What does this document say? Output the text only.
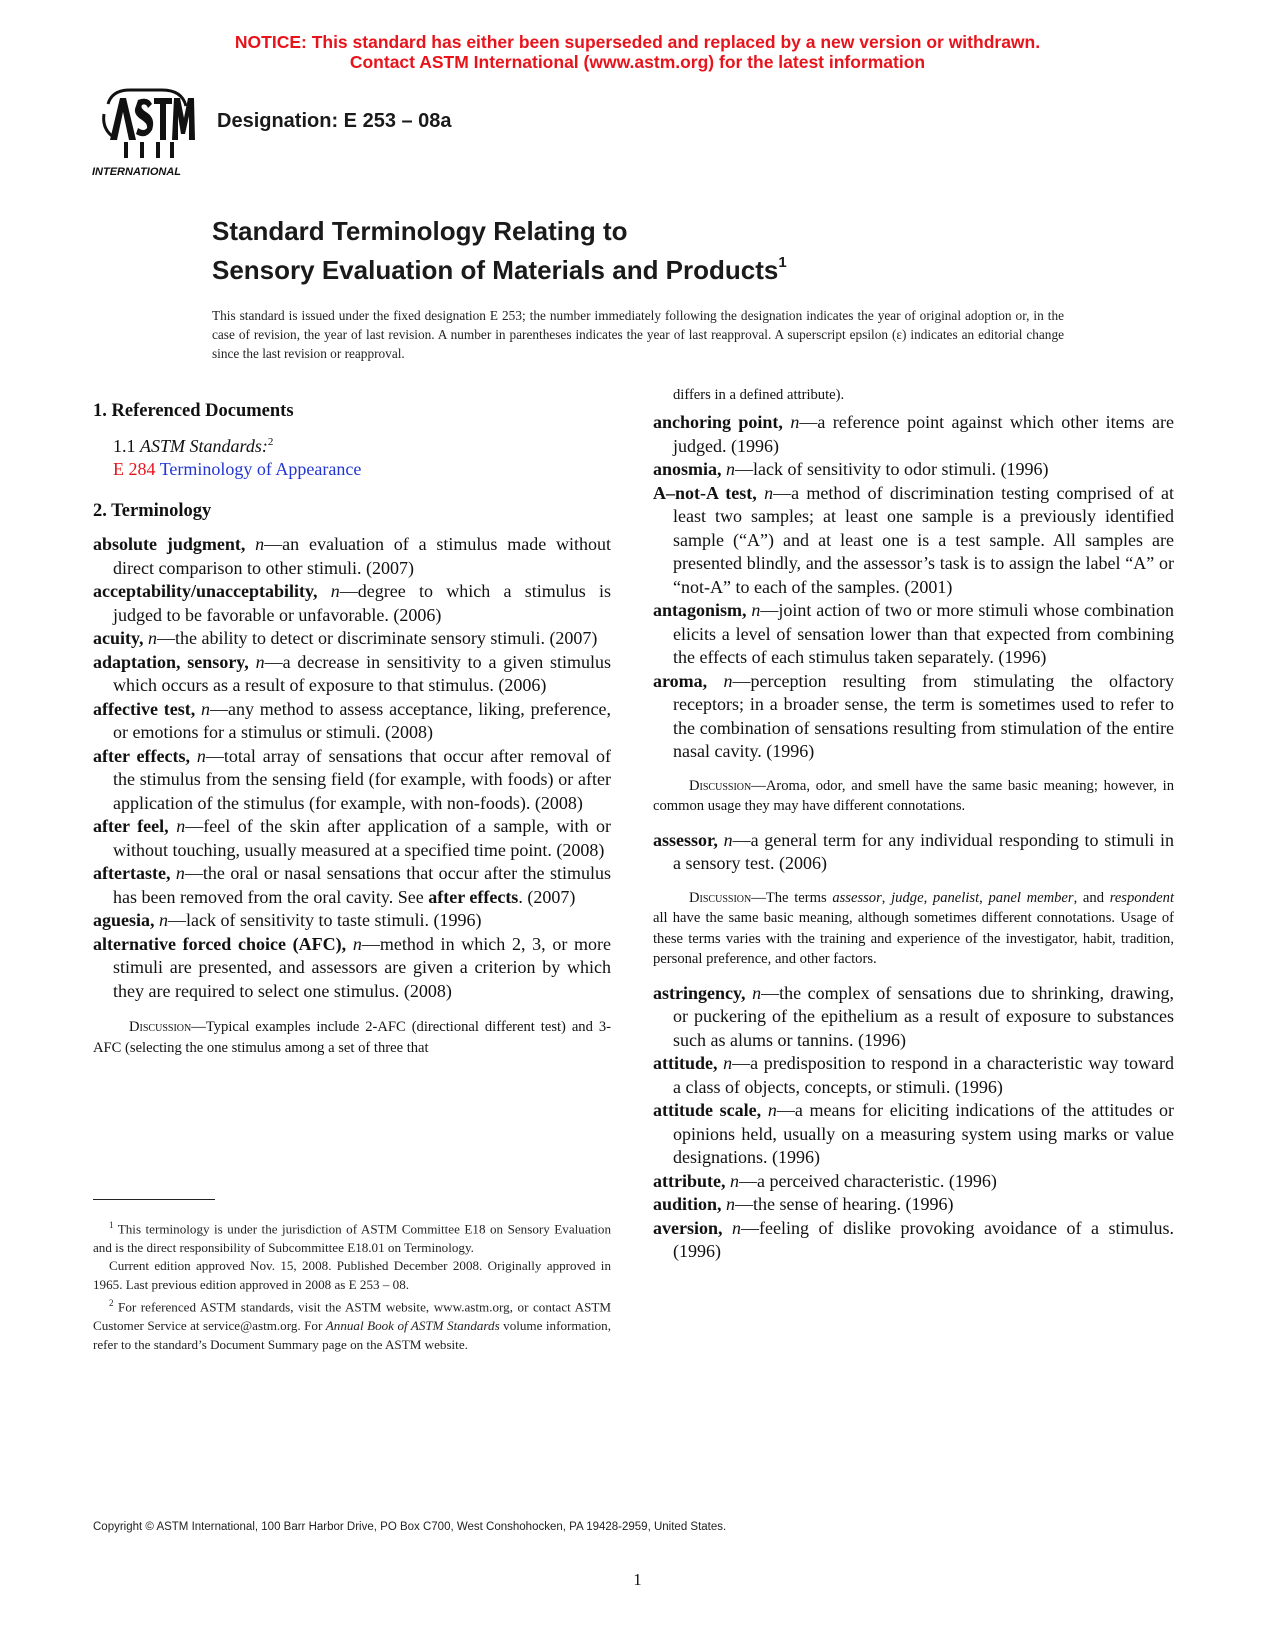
NOTICE: This standard has either been superseded and replaced by a new version or withdrawn.
Contact ASTM International (www.astm.org) for the latest information
INTERNATIONAL
Designation: E 253 – 08a
Standard Terminology Relating to
Sensory Evaluation of Materials and Products$^1$
This standard is issued under the fixed designation E 253; the number immediately following the designation indicates the year of original adoption or, in the case of revision, the year of last revision. A number in parentheses indicates the year of last reapproval. A superscript epsilon (ε) indicates an editorial change since the last revision or reapproval.
1. Referenced Documents

1.1 ASTM Standards:$^2$

E 284 Terminology of Appearance

2. Terminology

absolute judgment, n—an evaluation of a stimulus made without direct comparison to other stimuli. (2007)

acceptability/unacceptability, n—degree to which a stimulus is judged to be favorable or unfavorable. (2006)

acuity, n—the ability to detect or discriminate sensory stimuli. (2007)

adaptation, sensory, n—a decrease in sensitivity to a given stimulus which occurs as a result of exposure to that stimulus. (2006)

affective test, n—any method to assess acceptance, liking, preference, or emotions for a stimulus or stimuli. (2008)

after effects, n—total array of sensations that occur after removal of the stimulus from the sensing field (for example, with foods) or after application of the stimulus (for example, with non-foods). (2008)

after feel, n—feel of the skin after application of a sample, with or without touching, usually measured at a specified time point. (2008)

aftertaste, n—the oral or nasal sensations that occur after the stimulus has been removed from the oral cavity. See after effects. (2007)

aguesia, n—lack of sensitivity to taste stimuli. (1996)

alternative forced choice (AFC), n—method in which 2, 3, or more stimuli are presented, and assessors are given a criterion by which they are required to select one stimulus. (2008)

Discussion—Typical examples include 2-AFC (directional different test) and 3-AFC (selecting the one stimulus among a set of three that

differs in a defined attribute).

anchoring point, n—a reference point against which other items are judged. (1996)

anosmia, n—lack of sensitivity to odor stimuli. (1996)

A–not-A test, n—a method of discrimination testing comprised of at least two samples; at least one sample is a previously identified sample (“A”) and at least one is a test sample. All samples are presented blindly, and the assessor’s task is to assign the label “A” or “not-A” to each of the samples. (2001)

antagonism, n—joint action of two or more stimuli whose combination elicits a level of sensation lower than that expected from combining the effects of each stimulus taken separately. (1996)

aroma, n—perception resulting from stimulating the olfactory receptors; in a broader sense, the term is sometimes used to refer to the combination of sensations resulting from stimulation of the entire nasal cavity. (1996)

Discussion—Aroma, odor, and smell have the same basic meaning; however, in common usage they may have different connotations.

assessor, n—a general term for any individual responding to stimuli in a sensory test. (2006)

Discussion—The terms assessor, judge, panelist, panel member, and respondent all have the same basic meaning, although sometimes different connotations. Usage of these terms varies with the training and experience of the investigator, habit, tradition, personal preference, and other factors.

astringency, n—the complex of sensations due to shrinking, drawing, or puckering of the epithelium as a result of exposure to substances such as alums or tannins. (1996)

attitude, n—a predisposition to respond in a characteristic way toward a class of objects, concepts, or stimuli. (1996)

attitude scale, n—a means for eliciting indications of the attitudes or opinions held, usually on a measuring system using marks or value designations. (1996)

attribute, n—a perceived characteristic. (1996)

audition, n—the sense of hearing. (1996)

aversion, n—feeling of dislike provoking avoidance of a stimulus. (1996)

$^1$ This terminology is under the jurisdiction of ASTM Committee E18 on Sensory Evaluation and is the direct responsibility of Subcommittee E18.01 on Terminology.

Current edition approved Nov. 15, 2008. Published December 2008. Originally approved in 1965. Last previous edition approved in 2008 as E 253 – 08.

$^2$ For referenced ASTM standards, visit the ASTM website, www.astm.org, or contact ASTM Customer Service at service@astm.org. For Annual Book of ASTM Standards volume information, refer to the standard’s Document Summary page on the ASTM website.

Copyright © ASTM International, 100 Barr Harbor Drive, PO Box C700, West Conshohocken, PA 19428-2959, United States.
1
